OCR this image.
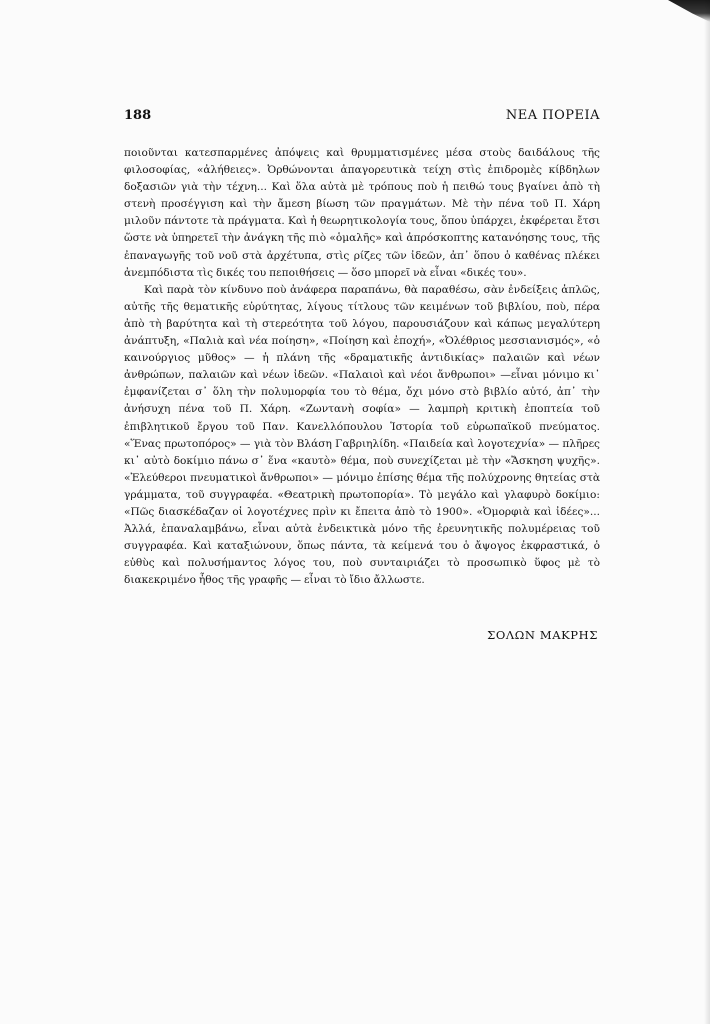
188	ΝΕΑ ΠΟΡΕΙΑ

ποιοῦνται κατεσπαρμένες ἀπόψεις καὶ θρυμματισμένες μέσα στοὺς δαιδάλους τῆς φιλοσοφίας, «ἀλήθειες». Ὀρθώνονται ἀπαγορευτικὰ τείχη στὶς ἐπιδρομὲς κίβδηλων δοξασιῶν γιὰ τὴν τέχνη... Καὶ ὅλα αὐτὰ μὲ τρόπους ποὺ ἡ πειθώ τους βγαίνει ἀπὸ τὴ στενὴ προσέγγιση καὶ τὴν ἄμεση βίωση τῶν πραγμάτων. Μὲ τὴν πένα τοῦ Π. Χάρη μιλοῦν πάντοτε τὰ πράγματα. Καὶ ἡ θεωρητικολογία τους, ὅπου ὑπάρχει, ἐκφέρεται ἔτσι ὥστε νὰ ὑπηρετεῖ τὴν ἀνάγκη τῆς πιὸ «ὁμαλῆς» καὶ ἀπρόσκοπτης κατανόησης τους, τῆς ἐπαναγωγῆς τοῦ νοῦ στὰ ἀρχέτυπα, στὶς ρίζες τῶν ἰδεῶν, ἀπ᾿ ὅπου ὁ καθένας πλέκει ἀνεμπόδιστα τὶς δικές του πεποιθήσεις — ὅσο μπορεῖ νὰ εἶναι «δικές του».

Καὶ παρὰ τὸν κίνδυνο ποὺ ἀνάφερα παραπάνω, θὰ παραθέσω, σὰν ἐνδείξεις ἁπλῶς, αὐτῆς τῆς θεματικῆς εὐρύτητας, λίγους τίτλους τῶν κειμένων τοῦ βιβλίου, ποὺ, πέρα ἀπὸ τὴ βαρύτητα καὶ τὴ στερεότητα τοῦ λόγου, παρουσιάζουν καὶ κάπως μεγαλύτερη ἀνάπτυξη, «Παλιὰ καὶ νέα ποίηση», «Ποίηση καὶ ἐποχή», «Ὀλέθριος μεσσιανισμός», «ὁ καινούργιος μῦθος» — ἡ πλάνη τῆς «δραματικῆς ἀντιδικίας» παλαιῶν καὶ νέων ἀνθρώπων, παλαιῶν καὶ νέων ἰδεῶν. «Παλαιοὶ καὶ νέοι ἄνθρωποι» —εἶναι μόνιμο κι᾿ ἐμφανίζεται σ᾿ ὅλη τὴν πολυμορφία του τὸ θέμα, ὄχι μόνο στὸ βιβλίο αὐτό, ἀπ᾿ τὴν ἀνήσυχη πένα τοῦ Π. Χάρη. «Ζωντανὴ σοφία» — λαμπρὴ κριτικὴ ἐποπτεία τοῦ ἐπιβλητικοῦ ἔργου τοῦ Παν. Κανελλόπουλου Ἱστορία τοῦ εὐρωπαϊκοῦ πνεύματος. «Ἕνας πρωτοπόρος» — γιὰ τὸν Βλάση Γαβριηλίδη. «Παιδεία καὶ λογοτεχνία» — πλῆρες κι᾿ αὐτὸ δοκίμιο πάνω σ᾿ ἕνα «καυτὸ» θέμα, ποὺ συνεχίζεται μὲ τὴν «Ἄσκηση ψυχῆς». «Ἐλεύθεροι πνευματικοὶ ἄνθρωποι» — μόνιμο ἐπίσης θέμα τῆς πολύχρονης θητείας στὰ γράμματα, τοῦ συγγραφέα. «Θεατρικὴ πρωτοπορία». Τὸ μεγάλο καὶ γλαφυρὸ δοκίμιο: «Πῶς διασκέδαζαν οἱ λογοτέχνες πρὶν κι ἔπειτα ἀπὸ τὸ 1900». «Ὀμορφιὰ καὶ ἰδέες»... Ἀλλά, ἐπαναλαμβάνω, εἶναι αὐτὰ ἐνδεικτικὰ μόνο τῆς ἐρευνητικῆς πολυμέρειας τοῦ συγγραφέα. Καὶ καταξιώνουν, ὅπως πάντα, τὰ κείμενά του ὁ ἄψογος ἐκφραστικά, ὁ εὐθὺς καὶ πολυσήμαντος λόγος του, ποὺ συνταιριάζει τὸ προσωπικὸ ὕφος μὲ τὸ διακεκριμένο ἦθος τῆς γραφῆς — εἶναι τὸ ἴδιο ἄλλωστε.

ΣΟΛΩΝ ΜΑΚΡΗΣ
